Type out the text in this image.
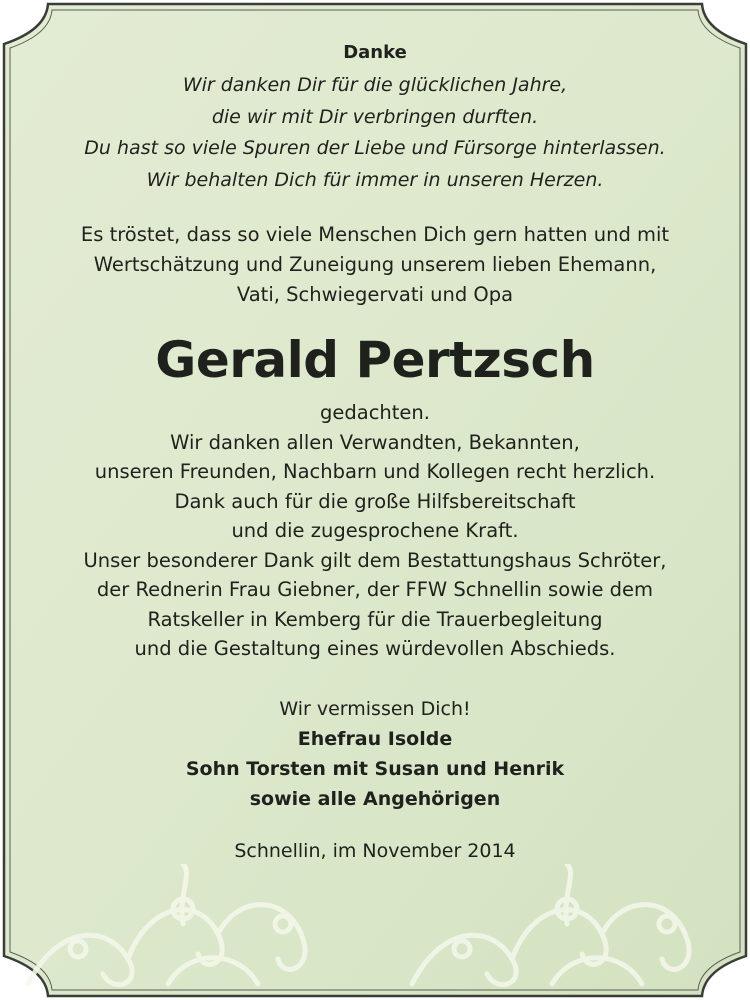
Danke

Wir danken Dir für die glücklichen Jahre,

die wir mit Dir verbringen durften.

Du hast so viele Spuren der Liebe und Fürsorge hinterlassen.

Wir behalten Dich für immer in unseren Herzen.

Es tröstet, dass so viele Menschen Dich gern hatten und mit

Wertschätzung und Zuneigung unserem lieben Ehemann,

Vati, Schwiegervati und Opa

Gerald Pertzsch

gedachten.

Wir danken allen Verwandten, Bekannten,

unseren Freunden, Nachbarn und Kollegen recht herzlich.

Dank auch für die große Hilfsbereitschaft

und die zugesprochene Kraft.

Unser besonderer Dank gilt dem Bestattungshaus Schröter,

der Rednerin Frau Giebner, der FFW Schnellin sowie dem

Ratskeller in Kemberg für die Trauerbegleitung

und die Gestaltung eines würdevollen Abschieds.

Wir vermissen Dich!

Ehefrau Isolde

Sohn Torsten mit Susan und Henrik

sowie alle Angehörigen

Schnellin, im November 2014
